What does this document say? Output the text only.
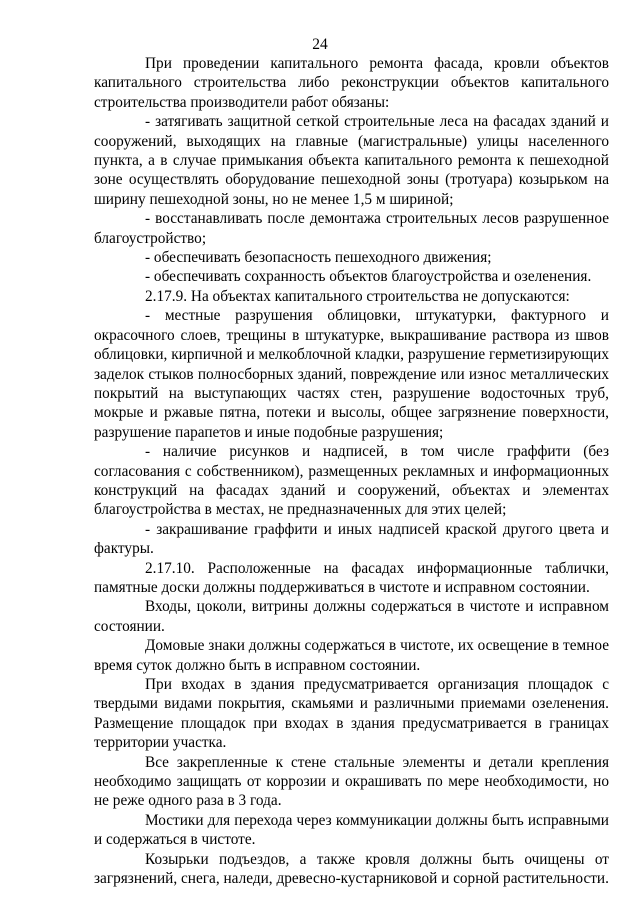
24

При проведении капитального ремонта фасада, кровли объектов капитального строительства либо реконструкции объектов капитального строительства производители работ обязаны:

- затягивать защитной сеткой строительные леса на фасадах зданий и сооружений, выходящих на главные (магистральные) улицы населенного пункта, а в случае примыкания объекта капитального ремонта к пешеходной зоне осуществлять оборудование пешеходной зоны (тротуара) козырьком на ширину пешеходной зоны, но не менее 1,5 м шириной;

- восстанавливать после демонтажа строительных лесов разрушенное благоустройство;

- обеспечивать безопасность пешеходного движения;

- обеспечивать сохранность объектов благоустройства и озеленения.

2.17.9. На объектах капитального строительства не допускаются:

- местные разрушения облицовки, штукатурки, фактурного и окрасочного слоев, трещины в штукатурке, выкрашивание раствора из швов облицовки, кирпичной и мелкоблочной кладки, разрушение герметизирующих заделок стыков полносборных зданий, повреждение или износ металлических покрытий на выступающих частях стен, разрушение водосточных труб, мокрые и ржавые пятна, потеки и высолы, общее загрязнение поверхности, разрушение парапетов и иные подобные разрушения;

- наличие рисунков и надписей, в том числе граффити (без согласования с собственником), размещенных рекламных и информационных конструкций на фасадах зданий и сооружений, объектах и элементах благоустройства в местах, не предназначенных для этих целей;

- закрашивание граффити и иных надписей краской другого цвета и фактуры.

2.17.10. Расположенные на фасадах информационные таблички, памятные доски должны поддерживаться в чистоте и исправном состоянии.

Входы, цоколи, витрины должны содержаться в чистоте и исправном состоянии.

Домовые знаки должны содержаться в чистоте, их освещение в темное время суток должно быть в исправном состоянии.

При входах в здания предусматривается организация площадок с твердыми видами покрытия, скамьями и различными приемами озеленения. Размещение площадок при входах в здания предусматривается в границах территории участка.

Все закрепленные к стене стальные элементы и детали крепления необходимо защищать от коррозии и окрашивать по мере необходимости, но не реже одного раза в 3 года.

Мостики для перехода через коммуникации должны быть исправными и содержаться в чистоте.

Козырьки подъездов, а также кровля должны быть очищены от загрязнений, снега, наледи, древесно-кустарниковой и сорной растительности.
